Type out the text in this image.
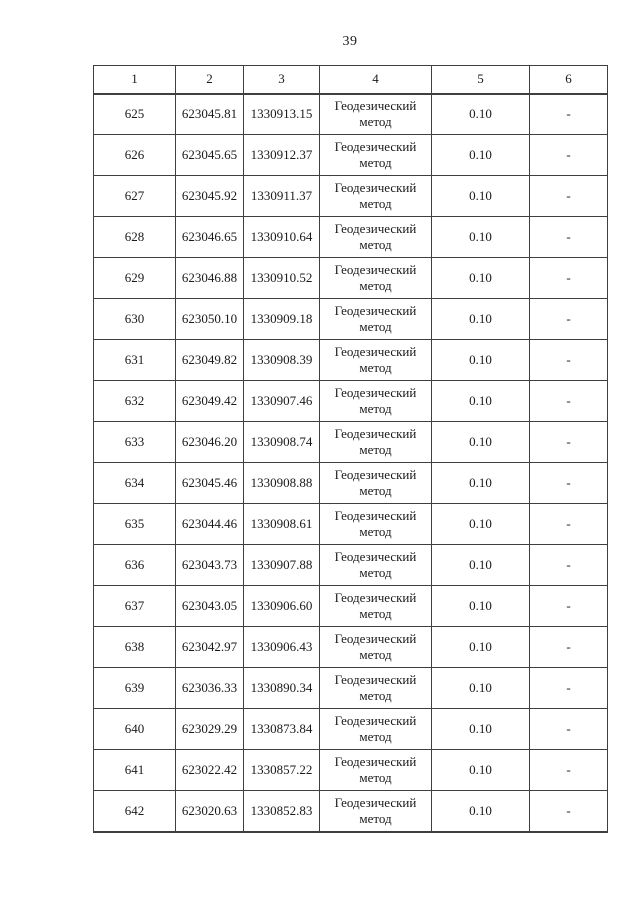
39
1	2	3	4	5	6
625	623045.81	1330913.15	Геодезический метод	0.10	-
626	623045.65	1330912.37	Геодезический метод	0.10	-
627	623045.92	1330911.37	Геодезический метод	0.10	-
628	623046.65	1330910.64	Геодезический метод	0.10	-
629	623046.88	1330910.52	Геодезический метод	0.10	-
630	623050.10	1330909.18	Геодезический метод	0.10	-
631	623049.82	1330908.39	Геодезический метод	0.10	-
632	623049.42	1330907.46	Геодезический метод	0.10	-
633	623046.20	1330908.74	Геодезический метод	0.10	-
634	623045.46	1330908.88	Геодезический метод	0.10	-
635	623044.46	1330908.61	Геодезический метод	0.10	-
636	623043.73	1330907.88	Геодезический метод	0.10	-
637	623043.05	1330906.60	Геодезический метод	0.10	-
638	623042.97	1330906.43	Геодезический метод	0.10	-
639	623036.33	1330890.34	Геодезический метод	0.10	-
640	623029.29	1330873.84	Геодезический метод	0.10	-
641	623022.42	1330857.22	Геодезический метод	0.10	-
642	623020.63	1330852.83	Геодезический метод	0.10	-
